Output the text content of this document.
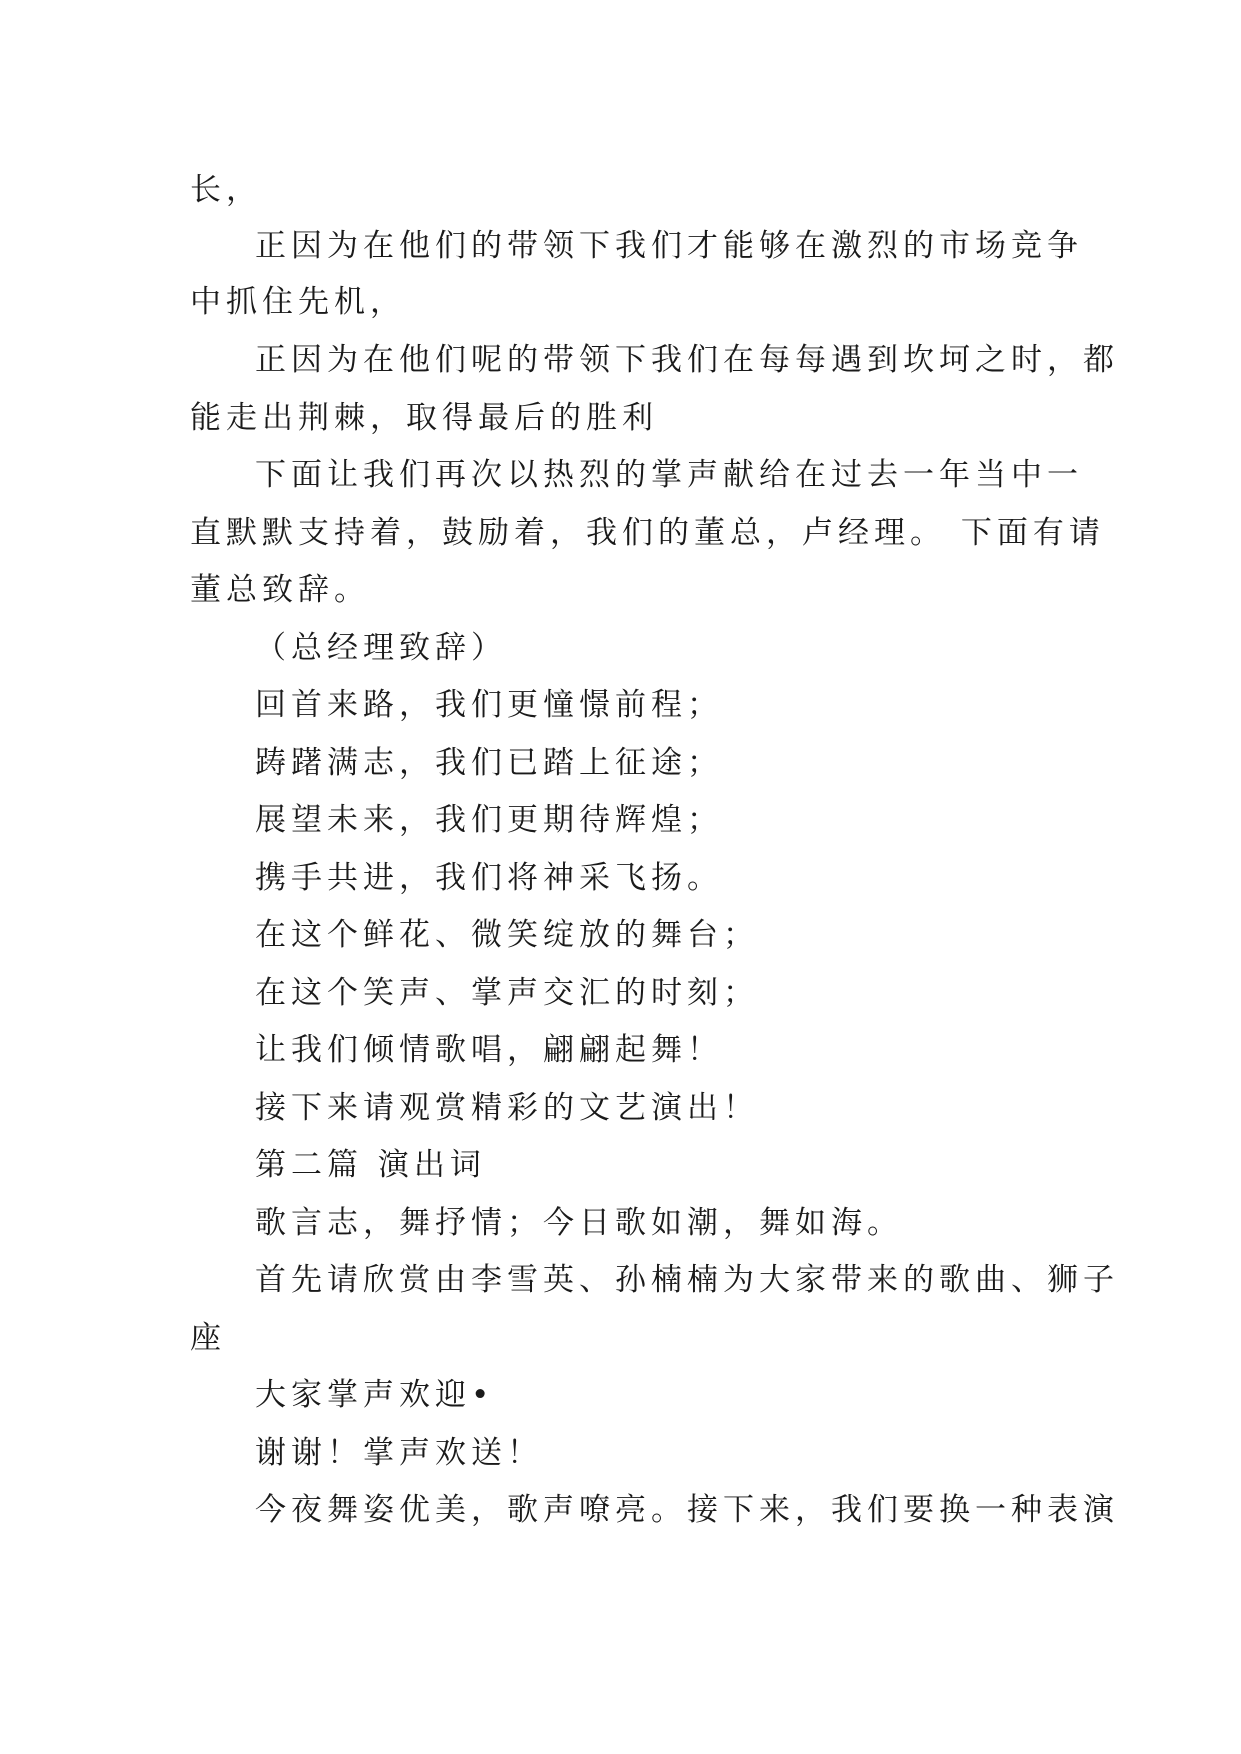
长，
正因为在他们的带领下我们才能够在激烈的市场竞争
中抓住先机，
正因为在他们呢的带领下我们在每每遇到坎坷之时，都
能走出荆棘，取得最后的胜利
下面让我们再次以热烈的掌声献给在过去一年当中一
直默默支持着，鼓励着，我们的董总，卢经理。 下面有请
董总致辞。
（总经理致辞）
回首来路，我们更憧憬前程；
踌躇满志，我们已踏上征途；
展望未来，我们更期待辉煌；
携手共进，我们将神采飞扬。
在这个鲜花、微笑绽放的舞台；
在这个笑声、掌声交汇的时刻；
让我们倾情歌唱，翩翩起舞！
接下来请观赏精彩的文艺演出！
第二篇 演出词
歌言志，舞抒情；今日歌如潮，舞如海。
首先请欣赏由李雪英、孙楠楠为大家带来的歌曲、狮子
座
大家掌声欢迎•
谢谢！掌声欢送！
今夜舞姿优美，歌声嘹亮。接下来，我们要换一种表演
